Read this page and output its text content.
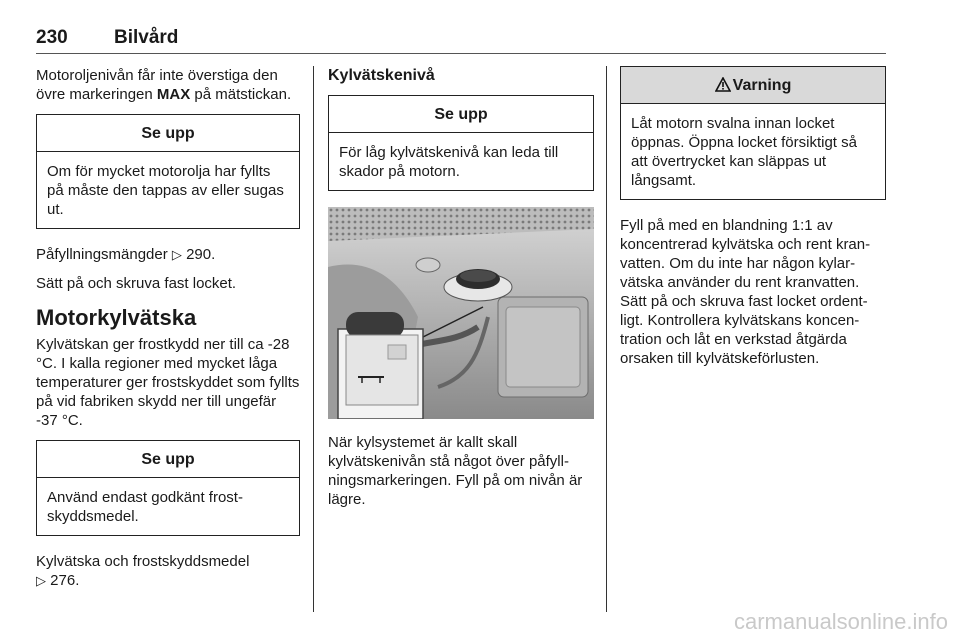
230 Bilvård

Motoroljenivån får inte överstiga den övre markeringen MAX på mätstickan.

Se upp
Om för mycket motorolja har fyllts på måste den tappas av eller sugas ut.

Påfyllningsmängder ▷ 290.

Sätt på och skruva fast locket.

Motorkylvätska

Kylvätskan ger frostkydd ner till ca -28 °C. I kalla regioner med mycket låga temperaturer ger frostskyddet som fyllts på vid fabriken skydd ner till ungefär -37 °C.

Se upp
Använd endast godkänt frost-skyddsmedel.

Kylvätska och frostskyddsmedel
▷ 276.

Kylvätskenivå
Se upp
För låg kylvätskenivå kan leda till skador på motorn.

När kylsystemet är kallt skall kylvätskenivån stå något över påfyll-ningsmarkeringen. Fyll på om nivån är lägre.

Varning
Låt motorn svalna innan locket öppnas. Öppna locket försiktigt så att övertrycket kan släppas ut långsamt.

Fyll på med en blandning 1:1 av koncentrerad kylvätska och rent kran-vatten. Om du inte har någon kylar-vätska använder du rent kranvatten. Sätt på och skruva fast locket ordent-ligt. Kontrollera kylvätskans koncen-tration och låt en verkstad åtgärda orsaken till kylvätskeförlusten.

carmanualsonline.info
